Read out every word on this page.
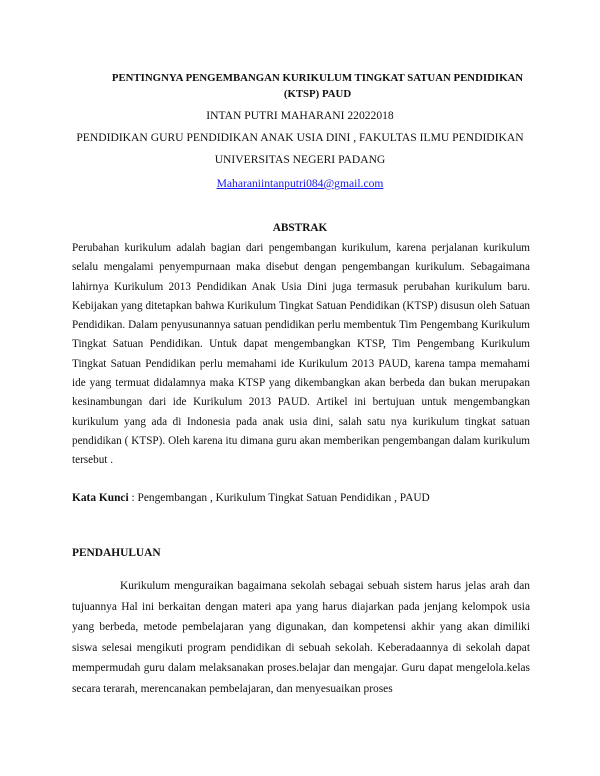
PENTINGNYA PENGEMBANGAN KURIKULUM TINGKAT SATUAN PENDIDIKAN (KTSP) PAUD
INTAN PUTRI MAHARANI 22022018
PENDIDIKAN GURU PENDIDIKAN ANAK USIA DINI , FAKULTAS ILMU PENDIDIKAN
UNIVERSITAS NEGERI PADANG
Maharaniintanputri084@gmail.com
ABSTRAK
Perubahan kurikulum adalah bagian dari pengembangan kurikulum, karena perjalanan kurikulum selalu mengalami penyempurnaan maka disebut dengan pengembangan kurikulum. Sebagaimana lahirnya Kurikulum 2013 Pendidikan Anak Usia Dini juga termasuk perubahan kurikulum baru. Kebijakan yang ditetapkan bahwa Kurikulum Tingkat Satuan Pendidikan (KTSP) disusun oleh Satuan Pendidikan. Dalam penyusunannya satuan pendidikan perlu membentuk Tim Pengembang Kurikulum Tingkat Satuan Pendidikan. Untuk dapat mengembangkan KTSP, Tim Pengembang Kurikulum Tingkat Satuan Pendidikan perlu memahami ide Kurikulum 2013 PAUD, karena tampa memahami ide yang termuat didalamnya maka KTSP yang dikembangkan akan berbeda dan bukan merupakan kesinambungan dari ide Kurikulum 2013 PAUD. Artikel ini bertujuan untuk mengembangkan kurikulum yang ada di Indonesia pada anak usia dini, salah satu nya kurikulum tingkat satuan pendidikan ( KTSP). Oleh karena itu dimana guru akan memberikan pengembangan dalam kurikulum tersebut .
Kata Kunci : Pengembangan , Kurikulum Tingkat Satuan Pendidikan , PAUD
PENDAHULUAN
Kurikulum menguraikan bagaimana sekolah sebagai sebuah sistem harus jelas arah dan tujuannya Hal ini berkaitan dengan materi apa yang harus diajarkan pada jenjang kelompok usia yang berbeda, metode pembelajaran yang digunakan, dan kompetensi akhir yang akan dimiliki siswa selesai mengikuti program pendidikan di sebuah sekolah. Keberadaannya di sekolah dapat mempermudah guru dalam melaksanakan proses.belajar dan mengajar. Guru dapat mengelola.kelas secara terarah, merencanakan pembelajaran, dan menyesuaikan proses
